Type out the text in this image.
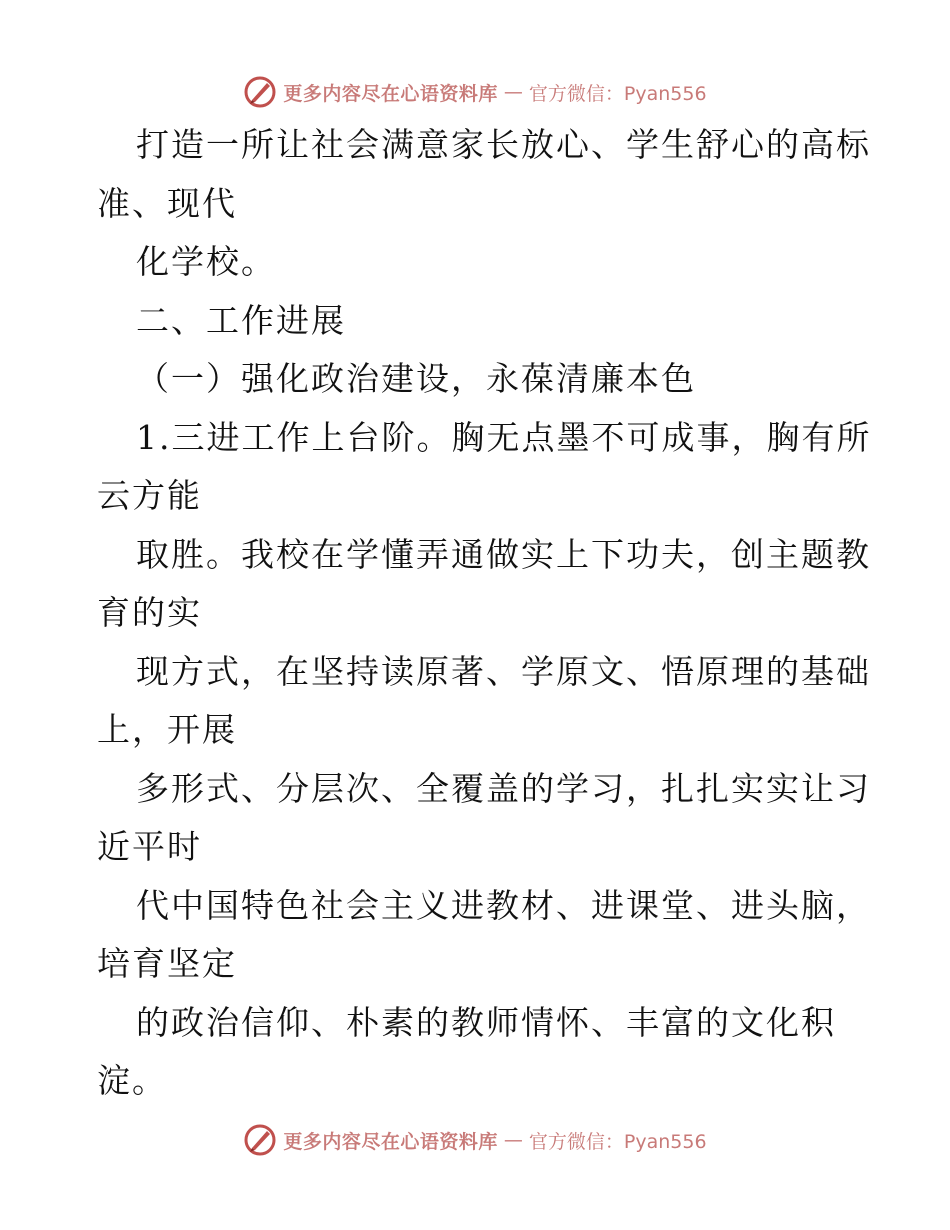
更多内容尽在心语资料库 — 官方微信：Pyan556
打造一所让社会满意家长放心、学生舒心的高标
准、现代
化学校。
二、工作进展
（一）强化政治建设，永葆清廉本色
1.三进工作上台阶。胸无点墨不可成事，胸有所
云方能
取胜。我校在学懂弄通做实上下功夫，创主题教
育的实
现方式，在坚持读原著、学原文、悟原理的基础
上，开展
多形式、分层次、全覆盖的学习，扎扎实实让习
近平时
代中国特色社会主义进教材、进课堂、进头脑，
培育坚定
的政治信仰、朴素的教师情怀、丰富的文化积
淀。
更多内容尽在心语资料库 — 官方微信：Pyan556
